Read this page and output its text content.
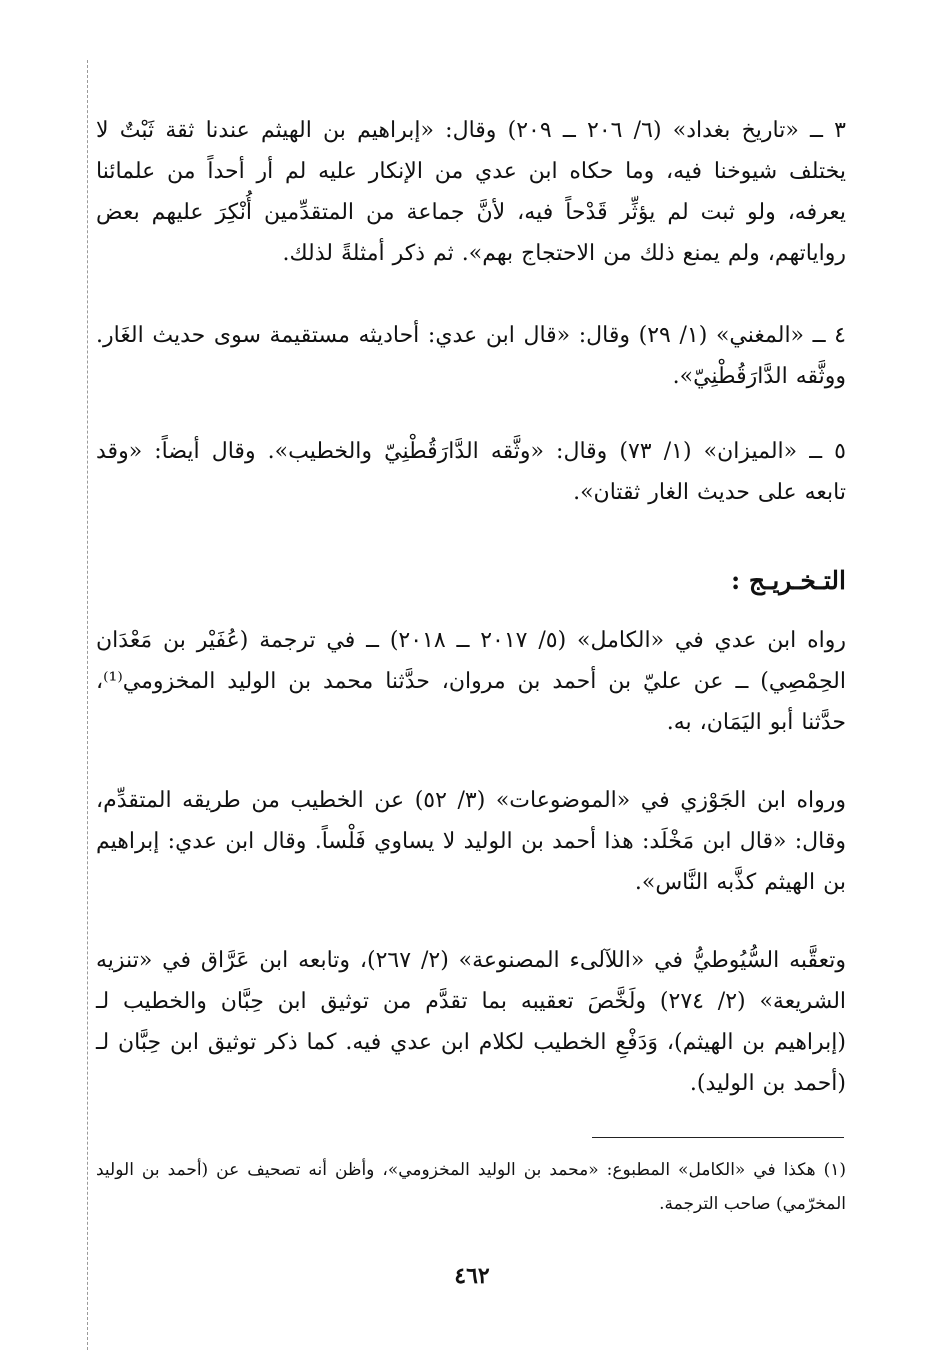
٣ ــ «تاريخ بغداد» (٦/ ٢٠٦ ــ ٢٠٩) وقال: «إبراهيم بن الهيثم عندنا ثقة ثَبْتٌ لا يختلف شيوخنا فيه، وما حكاه ابن عدي من الإنكار عليه لم أر أحداً من علمائنا يعرفه، ولو ثبت لم يؤثِّر قَدْحاً فيه، لأنَّ جماعة من المتقدِّمين أُنْكِرَ عليهم بعض رواياتهم، ولم يمنع ذلك من الاحتجاج بهم». ثم ذكر أمثلةً لذلك.

٤ ــ «المغني» (١/ ٢٩) وقال: «قال ابن عدي: أحاديثه مستقيمة سوى حديث الغَار. ووثَّقه الدَّارَقُطْنِيّ».

٥ ــ «الميزان» (١/ ٧٣) وقال: «وثَّقه الدَّارَقُطْنِيّ والخطيب». وقال أيضاً: «وقد تابعه على حديث الغار ثقتان».

التـخـريـج :

رواه ابن عدي في «الكامل» (٥/ ٢٠١٧ ــ ٢٠١٨) ــ في ترجمة (عُفَيْر بن مَعْدَان الحِمْصِي) ــ عن عليّ بن أحمد بن مروان، حدَّثنا محمد بن الوليد المخزومي⁽¹⁾، حدَّثنا أبو اليَمَان، به.

ورواه ابن الجَوْزي في «الموضوعات» (٣/ ٥٢) عن الخطيب من طريقه المتقدِّم، وقال: «قال ابن مَخْلَد: هذا أحمد بن الوليد لا يساوي فَلْساً. وقال ابن عدي: إبراهيم بن الهيثم كذَّبه النَّاس».

وتعقَّبه السُّيُوطيُّ في «اللآلىء المصنوعة» (٢/ ٢٦٧)، وتابعه ابن عَرَّاق في «تنزيه الشريعة» (٢/ ٢٧٤) ولَخَّصَ تعقيبه بما تقدَّم من توثيق ابن حِبَّان والخطيب لـ (إبراهيم بن الهيثم)، وَدَفْعِ الخطيب لكلام ابن عدي فيه. كما ذكر توثيق ابن حِبَّان لـ (أحمد بن الوليد).

(١) هكذا في «الكامل» المطبوع: «محمد بن الوليد المخزومي»، وأظن أنه تصحيف عن (أحمد بن الوليد المخرّمي) صاحب الترجمة.

٤٦٢
